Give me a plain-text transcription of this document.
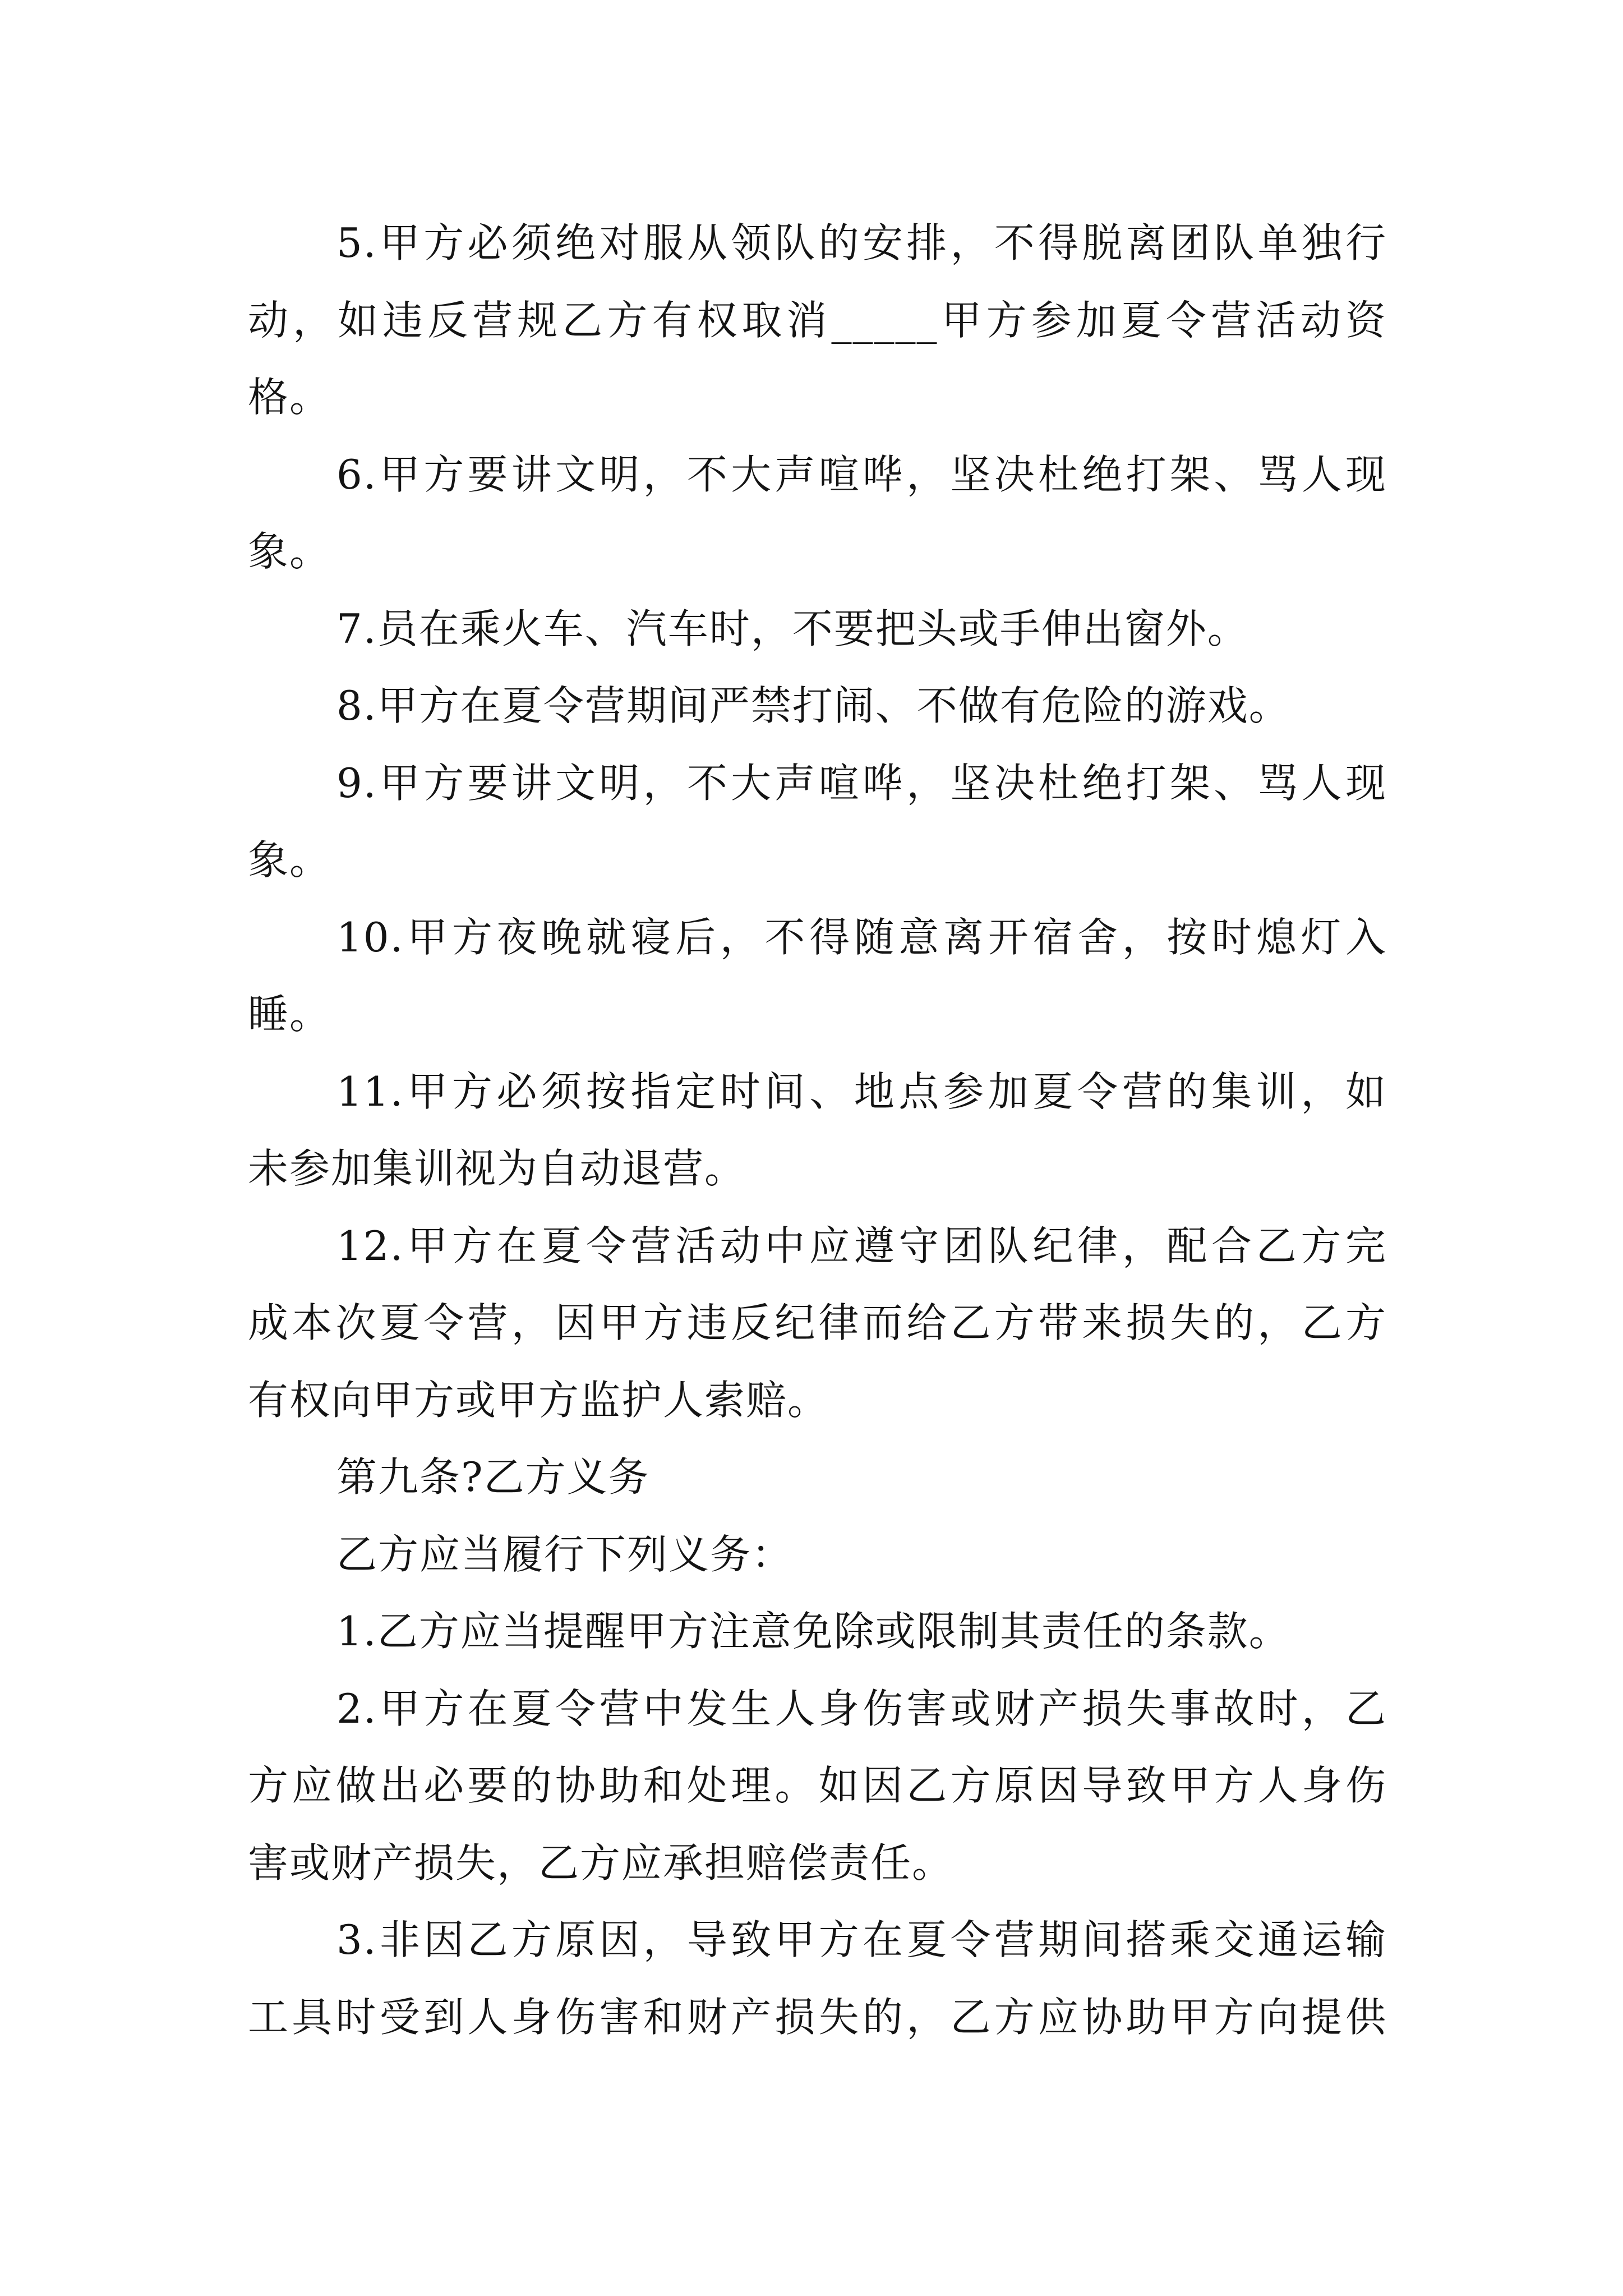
5.甲方必须绝对服从领队的安排，不得脱离团队单独行
动，如违反营规乙方有权取消_____甲方参加夏令营活动资
格。
6.甲方要讲文明，不大声喧哗，坚决杜绝打架、骂人现
象。
7.员在乘火车、汽车时，不要把头或手伸出窗外。
8.甲方在夏令营期间严禁打闹、不做有危险的游戏。
9.甲方要讲文明，不大声喧哗，坚决杜绝打架、骂人现
象。
10.甲方夜晚就寝后，不得随意离开宿舍，按时熄灯入
睡。
11.甲方必须按指定时间、地点参加夏令营的集训，如
未参加集训视为自动退营。
12.甲方在夏令营活动中应遵守团队纪律，配合乙方完
成本次夏令营，因甲方违反纪律而给乙方带来损失的，乙方
有权向甲方或甲方监护人索赔。
第九条?乙方义务
乙方应当履行下列义务：
1.乙方应当提醒甲方注意免除或限制其责任的条款。
2.甲方在夏令营中发生人身伤害或财产损失事故时，乙
方应做出必要的协助和处理。如因乙方原因导致甲方人身伤
害或财产损失，乙方应承担赔偿责任。
3.非因乙方原因，导致甲方在夏令营期间搭乘交通运输
工具时受到人身伤害和财产损失的，乙方应协助甲方向提供
